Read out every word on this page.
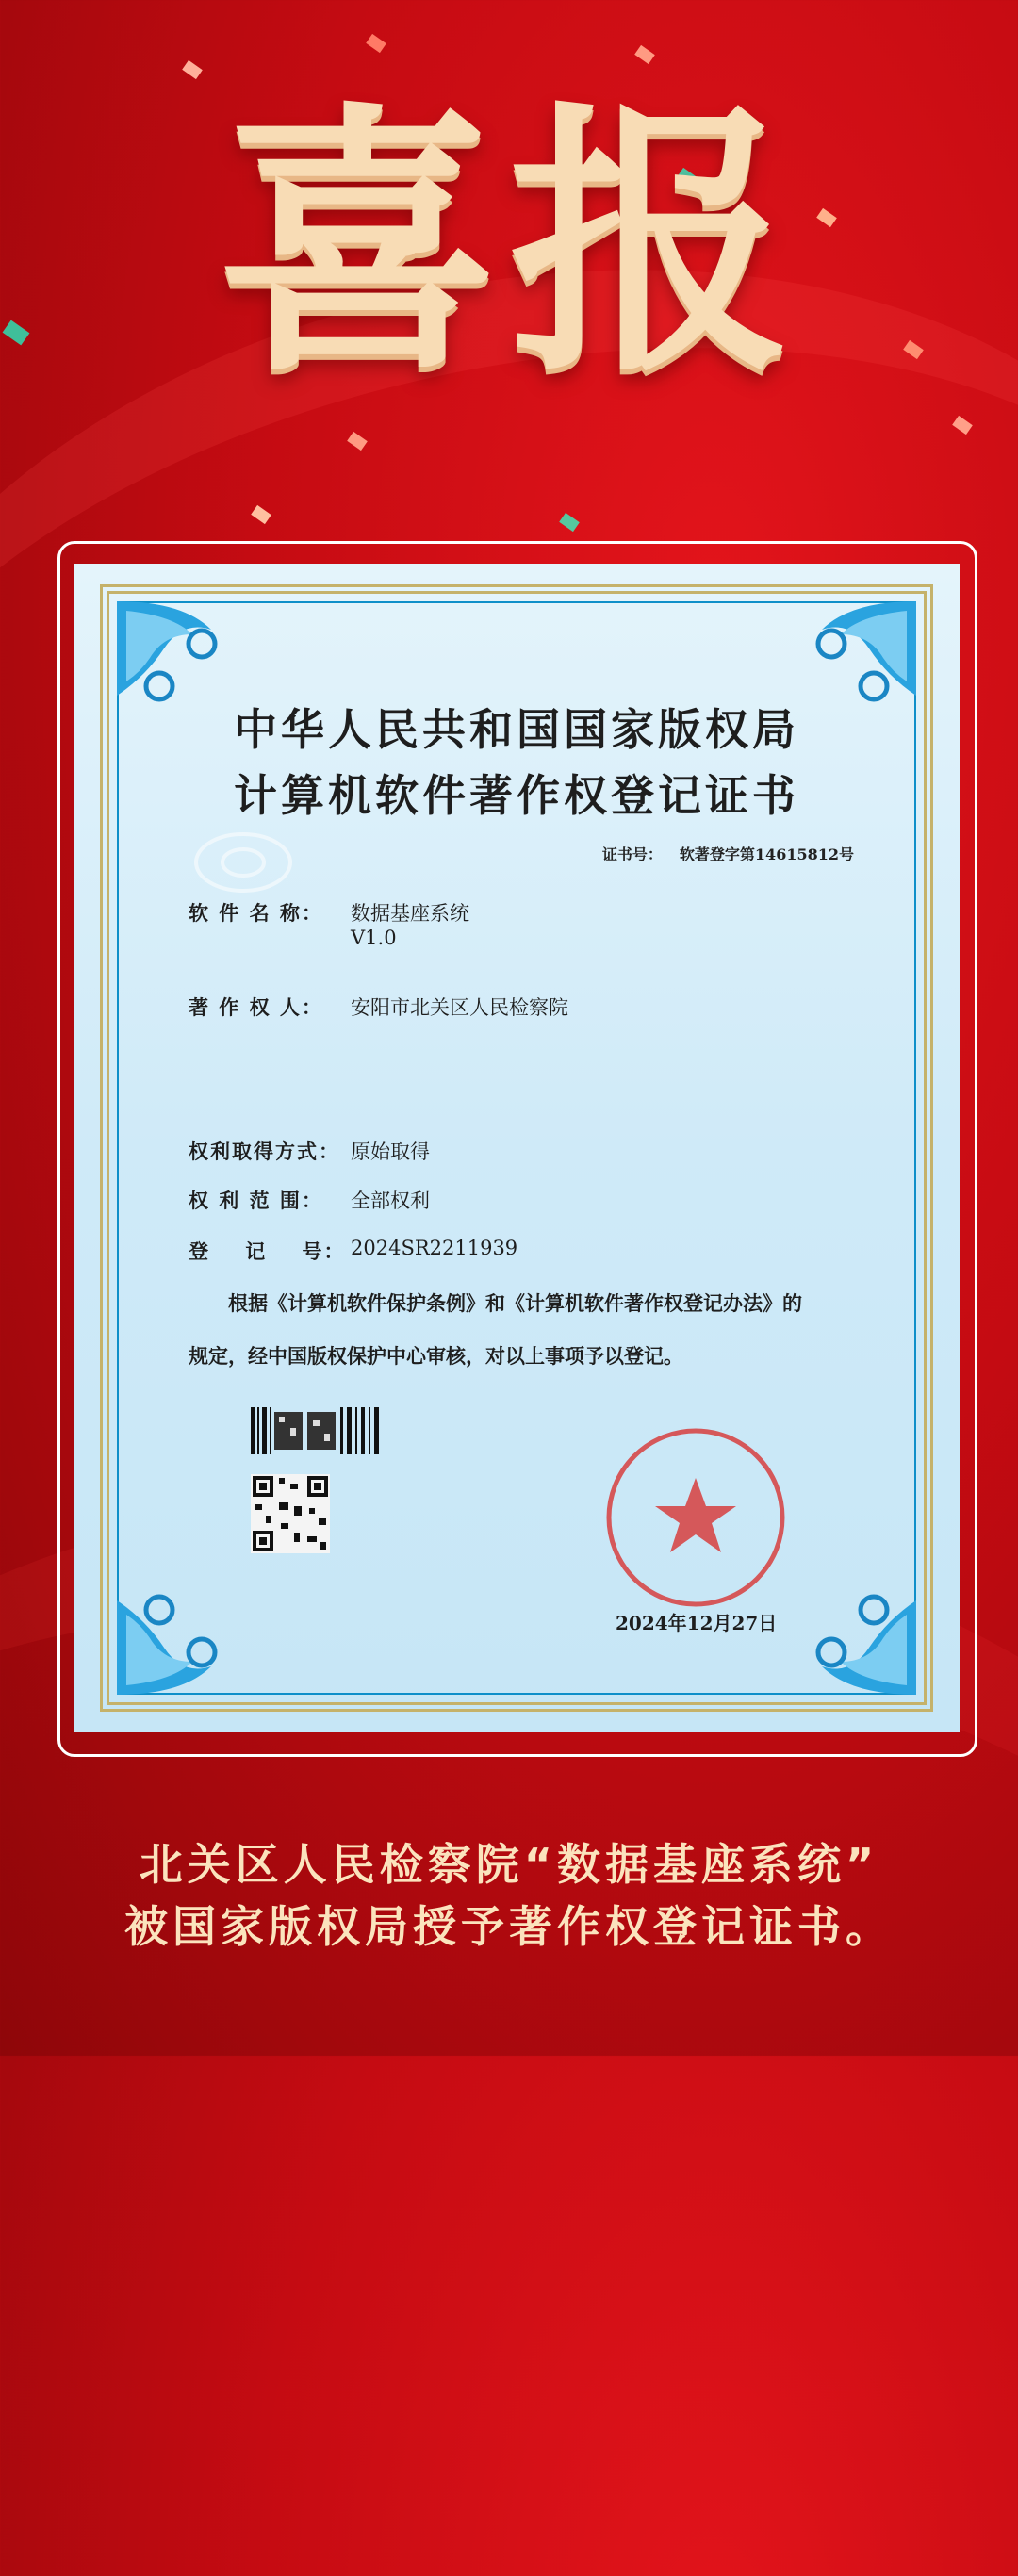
喜报
中华人民共和国国家版权局
计算机软件著作权登记证书
证书号： 软著登字第14615812号
软 件 名 称： 数据基座系统
V1.0
著 作 权 人： 安阳市北关区人民检察院
权利取得方式： 原始取得
权 利 范 围： 全部权利
登    记    号： 2024SR2211939
根据《计算机软件保护条例》和《计算机软件著作权登记办法》的
规定，经中国版权保护中心审核，对以上事项予以登记。
2024年12月27日
北关区人民检察院“数据基座系统”
被国家版权局授予著作权登记证书。
